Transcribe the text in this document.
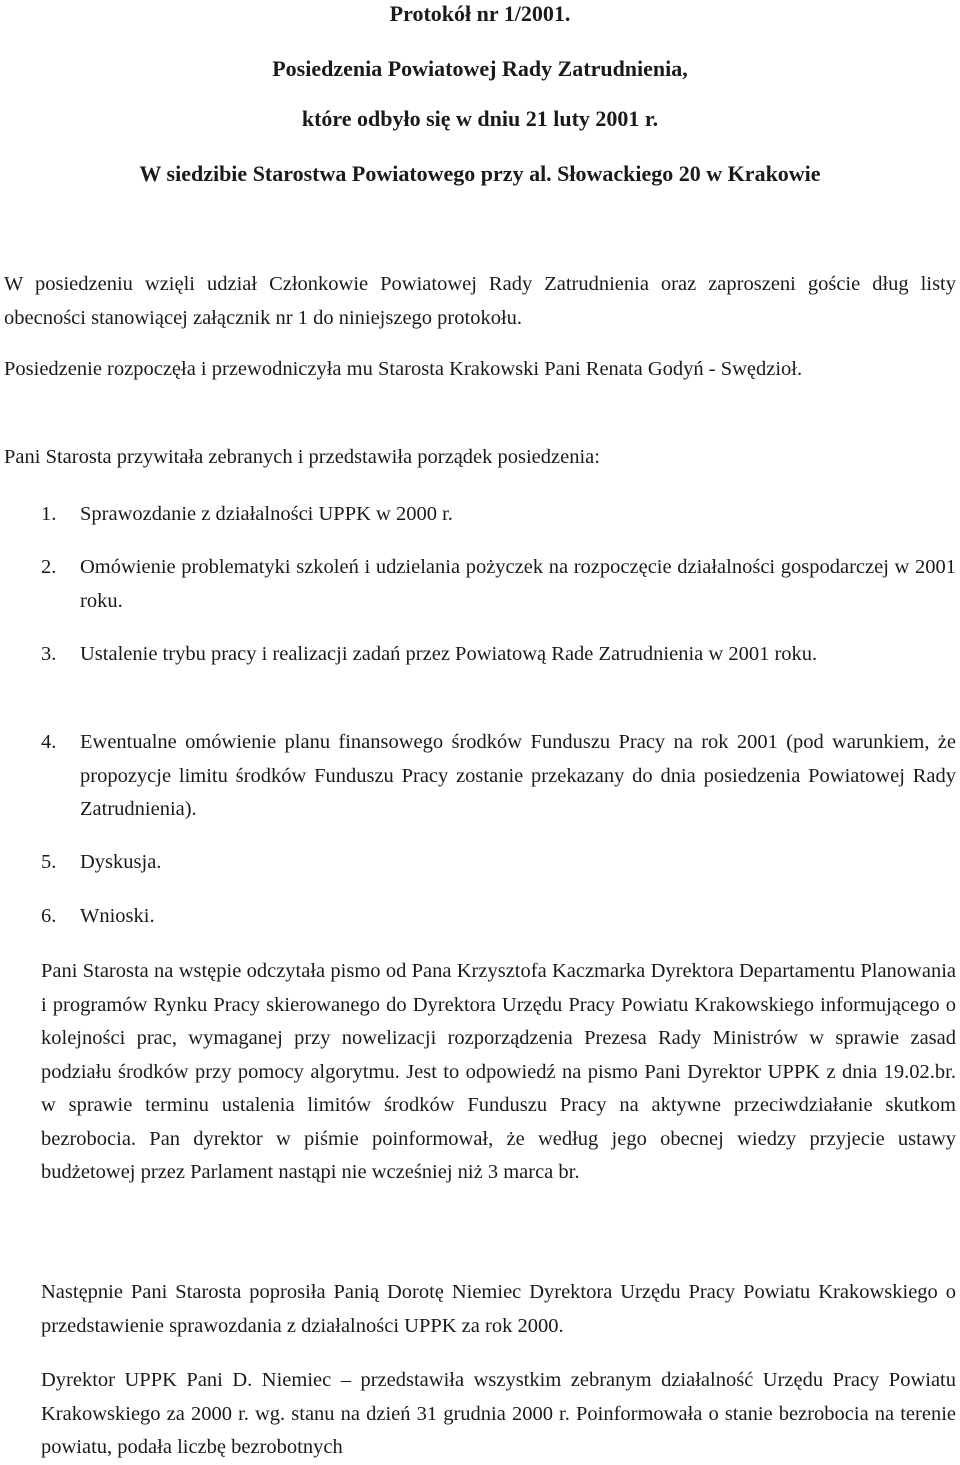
Protokół nr 1/2001.

Posiedzenia Powiatowej Rady Zatrudnienia,

które odbyło się w dniu 21 luty 2001 r.

W siedzibie Starostwa Powiatowego przy al. Słowackiego 20 w Krakowie

W posiedzeniu wzięli udział Członkowie Powiatowej Rady Zatrudnienia oraz zaproszeni goście dług listy obecności stanowiącej załącznik nr 1 do niniejszego protokołu.

Posiedzenie rozpoczęła i przewodniczyła mu Starosta Krakowski Pani Renata Godyń - Swędzioł.

Pani Starosta przywitała zebranych i przedstawiła porządek posiedzenia:

1.	Sprawozdanie z działalności UPPK w 2000 r.
2.	Omówienie problematyki szkoleń i udzielania pożyczek na rozpoczęcie działalności gospodarczej w 2001 roku.
3.	Ustalenie trybu pracy i realizacji zadań przez Powiatową Rade Zatrudnienia w 2001 roku.
4.	Ewentualne omówienie planu finansowego środków Funduszu Pracy na rok 2001 (pod warunkiem, że propozycje limitu środków Funduszu Pracy zostanie przekazany do dnia posiedzenia Powiatowej Rady Zatrudnienia).
5.	Dyskusja.
6.	Wnioski.

Pani Starosta na wstępie odczytała pismo od Pana Krzysztofa Kaczmarka Dyrektora Departamentu Planowania i programów Rynku Pracy skierowanego do Dyrektora Urzędu Pracy Powiatu Krakowskiego informującego o kolejności prac, wymaganej przy nowelizacji rozporządzenia Prezesa Rady Ministrów w sprawie zasad podziału środków przy pomocy algorytmu. Jest to odpowiedź na pismo Pani Dyrektor UPPK z dnia 19.02.br. w sprawie terminu ustalenia limitów środków Funduszu Pracy na aktywne przeciwdziałanie skutkom bezrobocia. Pan dyrektor w piśmie poinformował, że według jego obecnej wiedzy przyjecie ustawy budżetowej przez Parlament nastąpi nie wcześniej niż 3 marca br.

Następnie Pani Starosta poprosiła Panią Dorotę Niemiec Dyrektora Urzędu Pracy Powiatu Krakowskiego o przedstawienie sprawozdania z działalności UPPK za rok 2000.

Dyrektor UPPK Pani D. Niemiec – przedstawiła wszystkim zebranym działalność Urzędu Pracy Powiatu Krakowskiego za 2000 r. wg. stanu na dzień 31 grudnia 2000 r. Poinformowała o stanie bezrobocia na terenie powiatu, podała liczbę bezrobotnych
